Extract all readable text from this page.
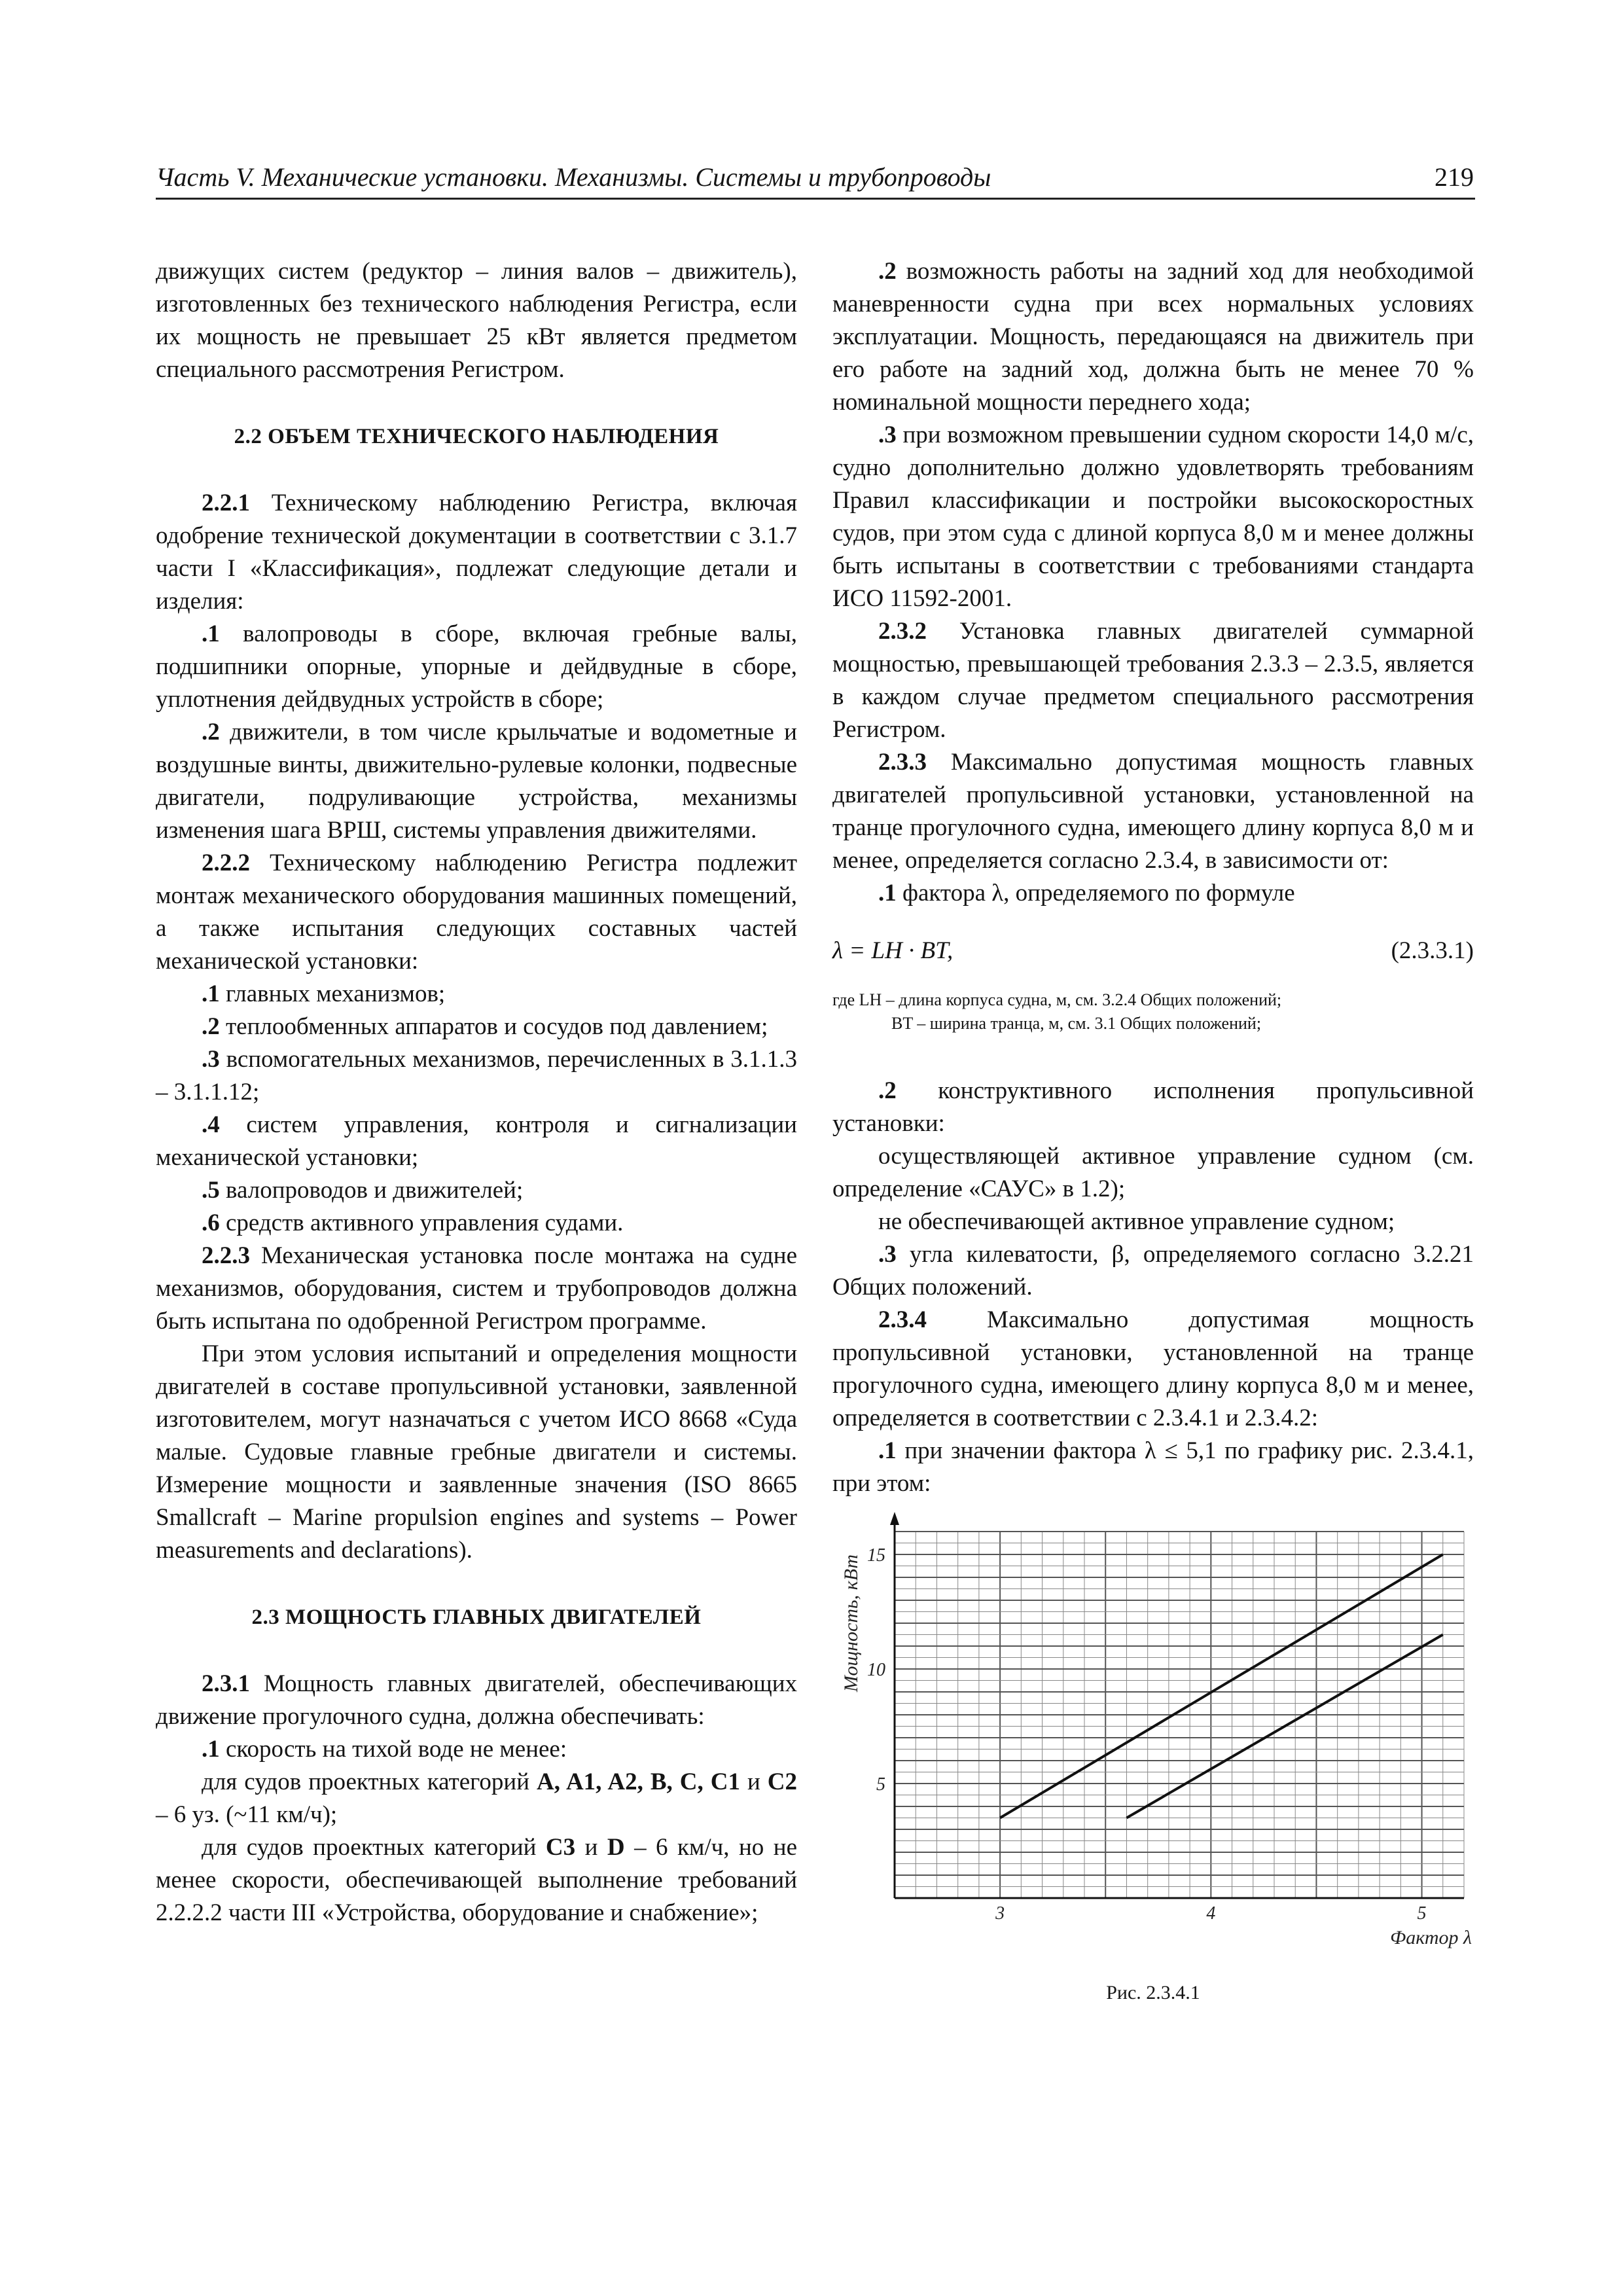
Часть V. Механические установки. Механизмы. Системы и трубопроводы	219

движущих систем (редуктор – линия валов – движитель), изготовленных без технического наблюдения Регистра, если их мощность не превышает 25 кВт является предметом специального рассмотрения Регистром.

2.2 ОБЪЕМ ТЕХНИЧЕСКОГО НАБЛЮДЕНИЯ

2.2.1 Техническому наблюдению Регистра, включая одобрение технической документации в соответствии с 3.1.7 части I «Классификация», подлежат следующие детали и изделия:

.1 валопроводы в сборе, включая гребные валы, подшипники опорные, упорные и дейдвудные в сборе, уплотнения дейдвудных устройств в сборе;

.2 движители, в том числе крыльчатые и водометные и воздушные винты, движительно-рулевые колонки, подвесные двигатели, подруливающие устройства, механизмы изменения шага ВРШ, системы управления движителями.

2.2.2 Техническому наблюдению Регистра подлежит монтаж механического оборудования машинных помещений, а также испытания следующих составных частей механической установки:

.1 главных механизмов;

.2 теплообменных аппаратов и сосудов под давлением;

.3 вспомогательных механизмов, перечисленных в 3.1.1.3 – 3.1.1.12;

.4 систем управления, контроля и сигнализации механической установки;

.5 валопроводов и движителей;

.6 средств активного управления судами.

2.2.3 Механическая установка после монтажа на судне механизмов, оборудования, систем и трубопроводов должна быть испытана по одобренной Регистром программе.

При этом условия испытаний и определения мощности двигателей в составе пропульсивной установки, заявленной изготовителем, могут назначаться с учетом ИСО 8668 «Суда малые. Судовые главные гребные двигатели и системы. Измерение мощности и заявленные значения (ISO 8665 Smallcraft – Marine propulsion engines and systems – Power measurements and declarations).

2.3 МОЩНОСТЬ ГЛАВНЫХ ДВИГАТЕЛЕЙ

2.3.1 Мощность главных двигателей, обеспечивающих движение прогулочного судна, должна обеспечивать:

.1 скорость на тихой воде не менее:

для судов проектных категорий A, A1, A2, B, C, C1 и C2 – 6 уз. (~11 км/ч);

для судов проектных категорий C3 и D – 6 км/ч, но не менее скорости, обеспечивающей выполнение требований 2.2.2.2 части III «Устройства, оборудование и снабжение»;

.2 возможность работы на задний ход для необходимой маневренности судна при всех нормальных условиях эксплуатации. Мощность, передающаяся на движитель при его работе на задний ход, должна быть не менее 70 % номинальной мощности переднего хода;

.3 при возможном превышении судном скорости 14,0 м/с, судно дополнительно должно удовлетворять требованиям Правил классификации и постройки высокоскоростных судов, при этом суда с длиной корпуса 8,0 м и менее должны быть испытаны в соответствии с требованиями стандарта ИСО 11592-2001.

2.3.2 Установка главных двигателей суммарной мощностью, превышающей требования 2.3.3 – 2.3.5, является в каждом случае предметом специального рассмотрения Регистром.

2.3.3 Максимально допустимая мощность главных двигателей пропульсивной установки, установленной на транце прогулочного судна, имеющего длину корпуса 8,0 м и менее, определяется согласно 2.3.4, в зависимости от:

.1 фактора λ, определяемого по формуле

λ = LH · BT,	(2.3.3.1)
где LH – длина корпуса судна, м, см. 3.2.4 Общих положений;
BT – ширина транца, м, см. 3.1 Общих положений;

.2 конструктивного исполнения пропульсивной установки:

осуществляющей активное управление судном (см. определение «САУС» в 1.2);

не обеспечивающей активное управление судном;

.3 угла килеватости, β, определяемого согласно 3.2.21 Общих положений.

2.3.4 Максимально допустимая мощность пропульсивной установки, установленной на транце прогулочного судна, имеющего длину корпуса 8,0 м и менее, определяется в соответствии с 2.3.4.1 и 2.3.4.2:

.1 при значении фактора λ ≤ 5,1 по графику рис. 2.3.4.1, при этом:

3	4	5
5
10
15
Мощность, кВт
Фактор λ
Рис. 2.3.4.1
